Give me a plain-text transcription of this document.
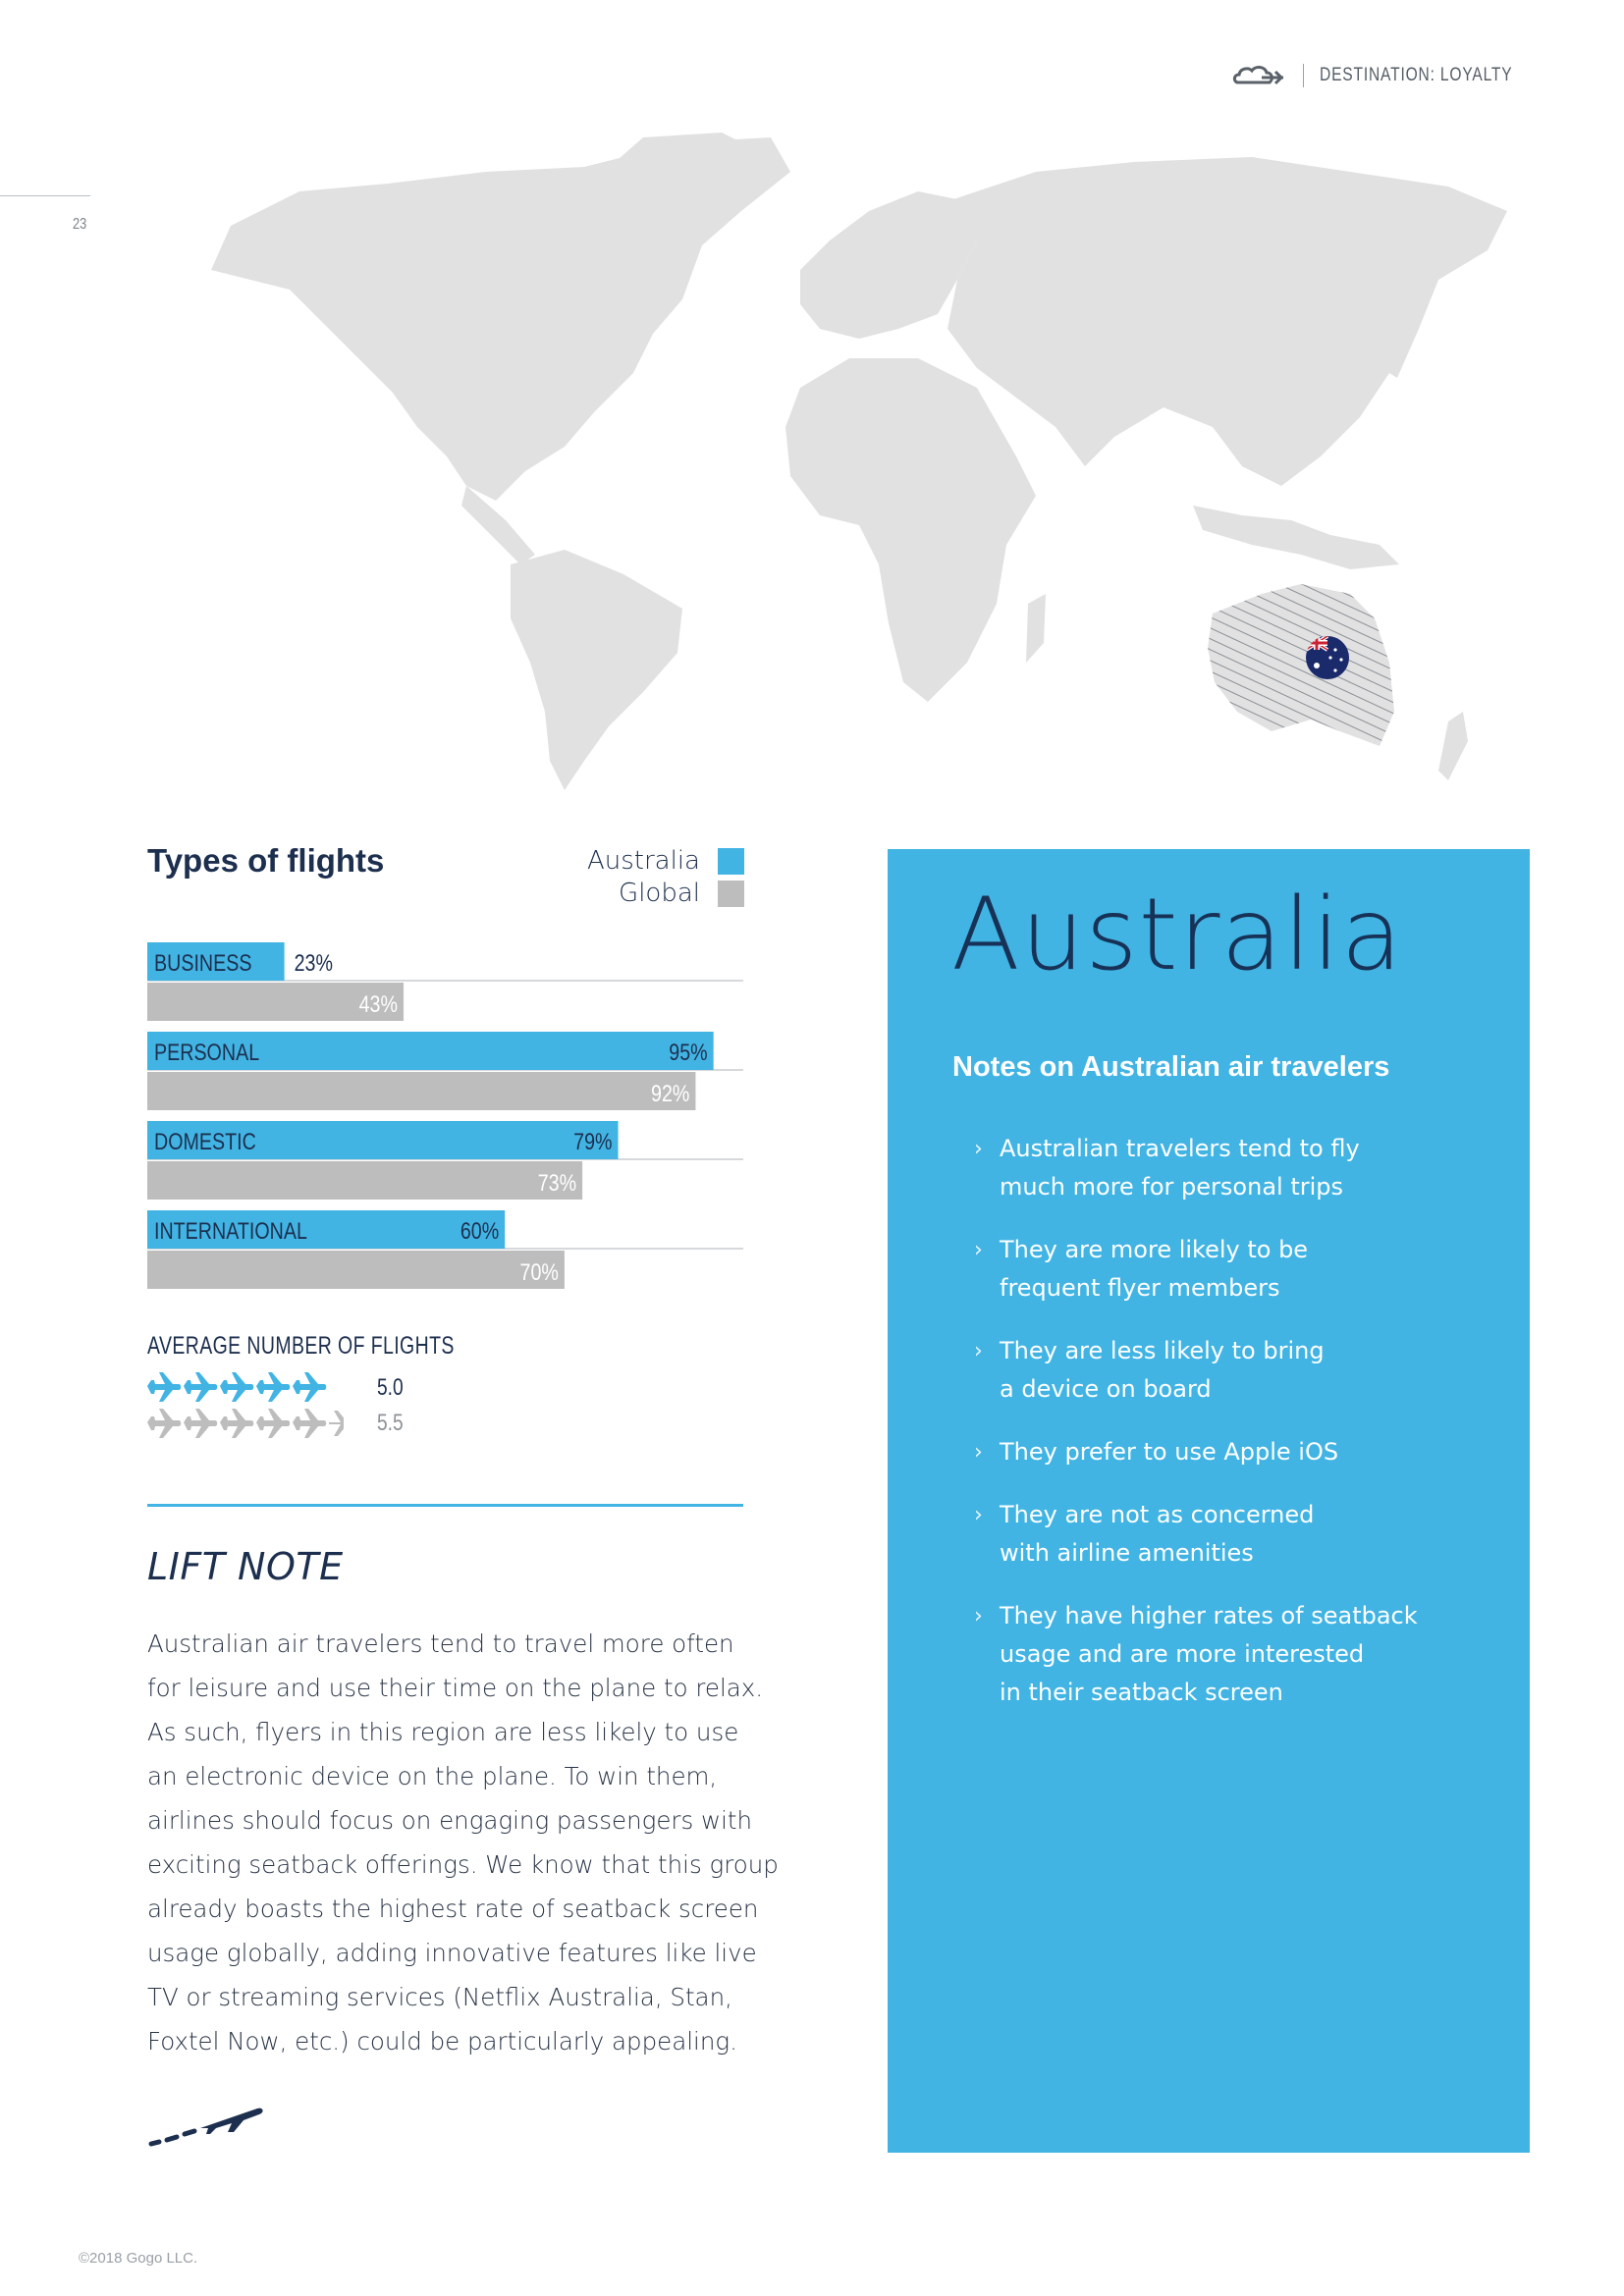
DESTINATION: LOYALTY
23
Types of flights	Australia
Global
BUSINESS 23%
43%
PERSONAL	95%
92%
DOMESTIC	79%
73%
INTERNATIONAL	60%
70%
AVERAGE NUMBER OF FLIGHTS
5.0
5.5
LIFT NOTE
Australian air travelers tend to travel more often
for leisure and use their time on the plane to relax.
As such, flyers in this region are less likely to use
an electronic device on the plane. To win them,
airlines should focus on engaging passengers with
exciting seatback offerings. We know that this group
already boasts the highest rate of seatback screen
usage globally, adding innovative features like live
TV or streaming services (Netflix Australia, Stan,
Foxtel Now, etc.) could be particularly appealing.
©2018 Gogo LLC.
Australia
Notes on Australian air travelers
› Australian travelers tend to fly
much more for personal trips
› They are more likely to be
frequent flyer members
› They are less likely to bring
a device on board
› They prefer to use Apple iOS
› They are not as concerned
with airline amenities
› They have higher rates of seatback
usage and are more interested
in their seatback screen
